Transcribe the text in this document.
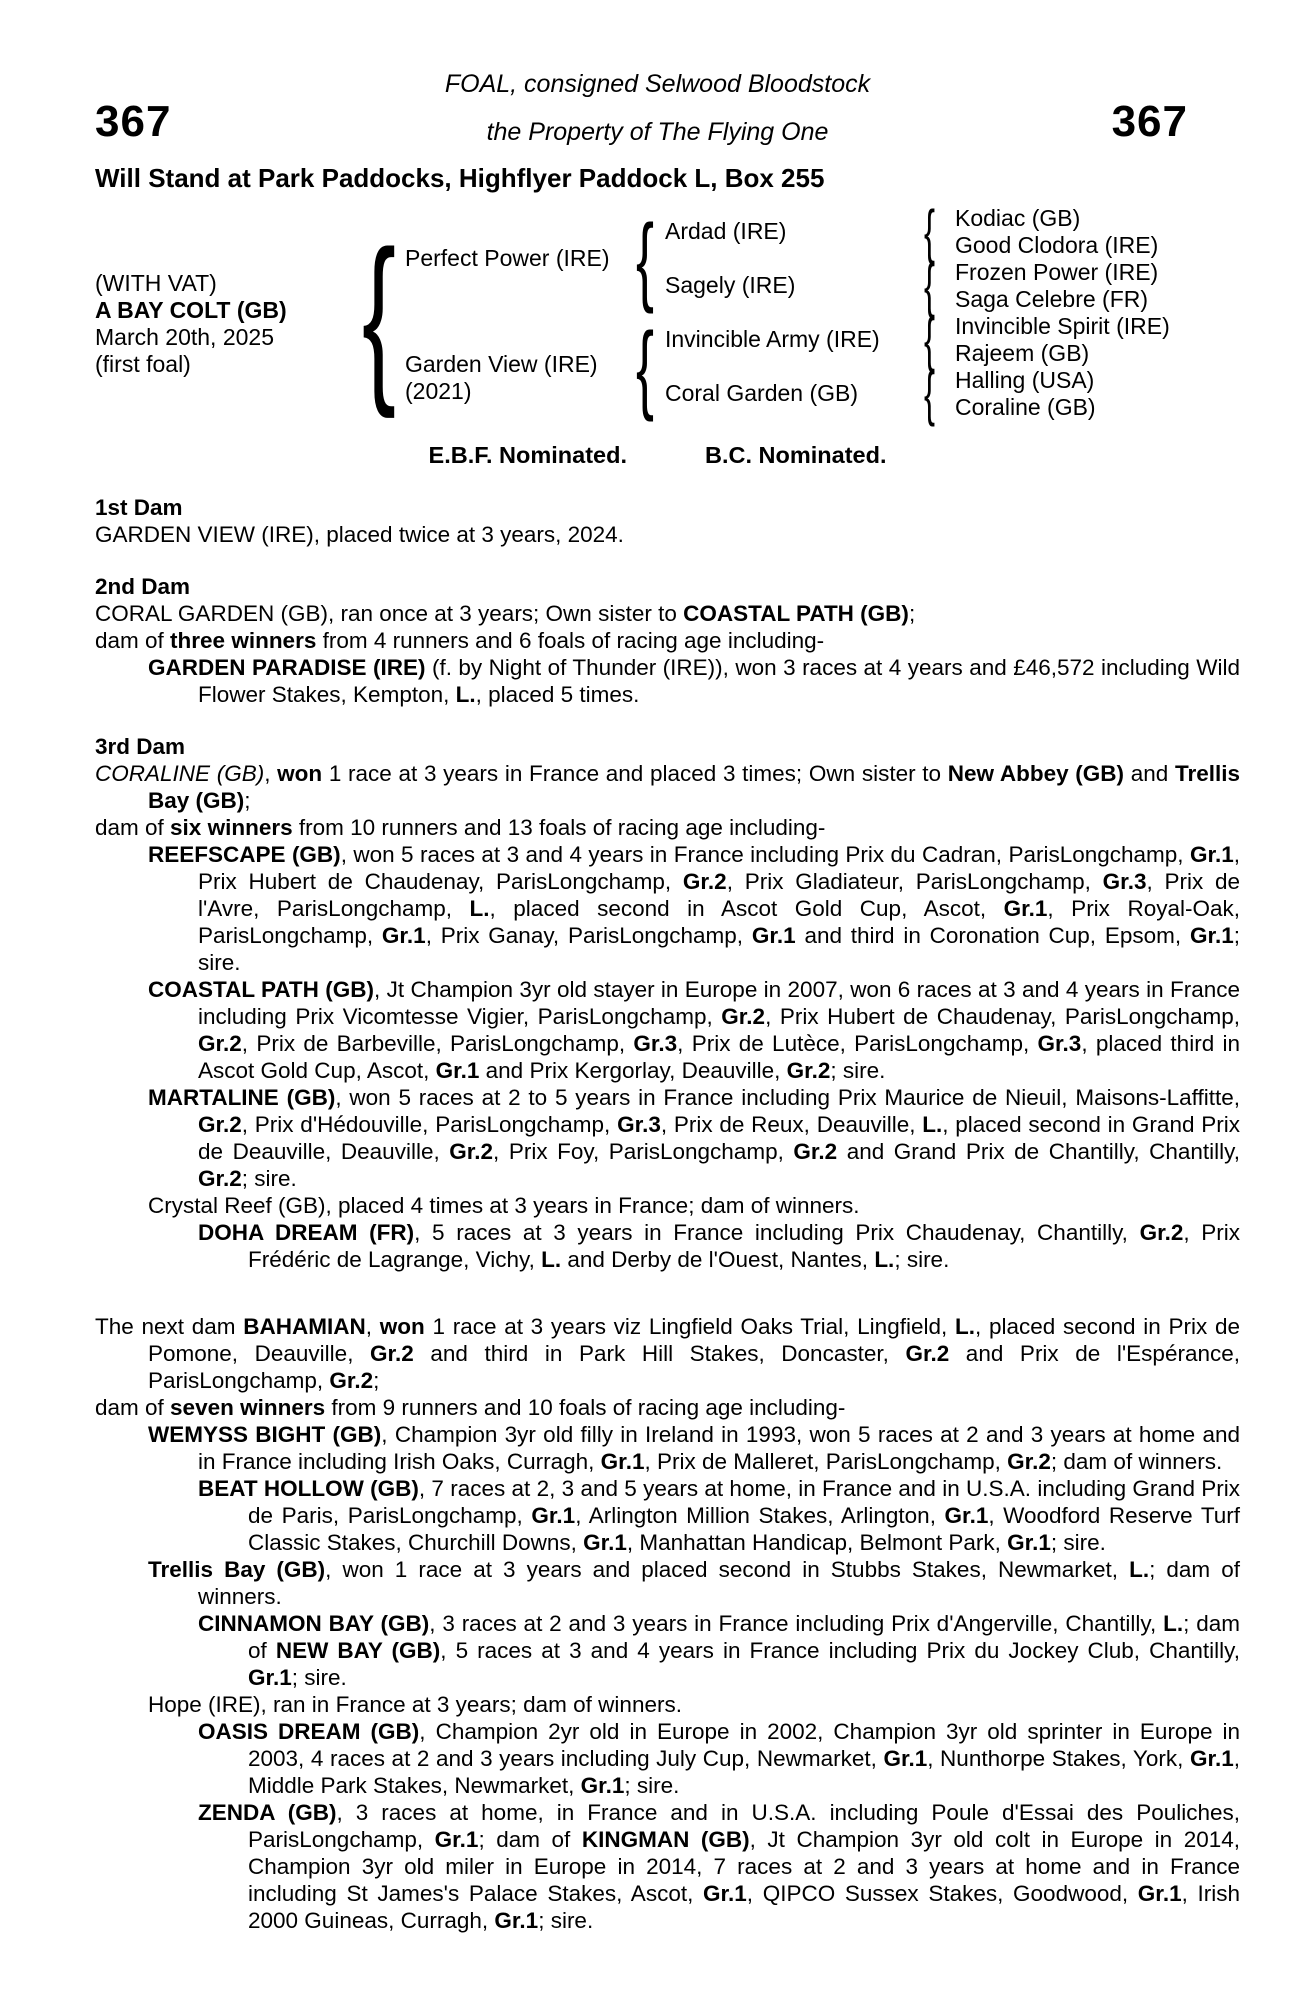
FOAL, consigned Selwood Bloodstock
367	the Property of The Flying One	367
Will Stand at Park Paddocks, Highflyer Paddock L, Box 255
(WITH VAT)
A BAY COLT (GB)
March 20th, 2025
(first foal) { {
{
{
{
{
{
Perfect Power (IRE)
Garden View (IRE)
(2021)
Ardad (IRE)
Sagely (IRE)
Invincible Army (IRE)
Coral Garden (GB)
Kodiac (GB)
Good Clodora (IRE)
Frozen Power (IRE)
Saga Celebre (FR)
Invincible Spirit (IRE)
Rajeem (GB)
Halling (USA)
Coraline (GB)
E.B.F. Nominated.	B.C. Nominated.
1st Dam

GARDEN VIEW (IRE), placed twice at 3 years, 2024.

2nd Dam

CORAL GARDEN (GB), ran once at 3 years; Own sister to COASTAL PATH (GB);

dam of three winners from 4 runners and 6 foals of racing age including-

GARDEN PARADISE (IRE) (f. by Night of Thunder (IRE)), won 3 races at 4 years and £46,572 including Wild Flower Stakes, Kempton, L., placed 5 times.

3rd Dam

CORALINE (GB), won 1 race at 3 years in France and placed 3 times; Own sister to New Abbey (GB) and Trellis Bay (GB);

dam of six winners from 10 runners and 13 foals of racing age including-

REEFSCAPE (GB), won 5 races at 3 and 4 years in France including Prix du Cadran, ParisLongchamp, Gr.1, Prix Hubert de Chaudenay, ParisLongchamp, Gr.2, Prix Gladiateur, ParisLongchamp, Gr.3, Prix de l'Avre, ParisLongchamp, L., placed second in Ascot Gold Cup, Ascot, Gr.1, Prix Royal-Oak, ParisLongchamp, Gr.1, Prix Ganay, ParisLongchamp, Gr.1 and third in Coronation Cup, Epsom, Gr.1; sire.

COASTAL PATH (GB), Jt Champion 3yr old stayer in Europe in 2007, won 6 races at 3 and 4 years in France including Prix Vicomtesse Vigier, ParisLongchamp, Gr.2, Prix Hubert de Chaudenay, ParisLongchamp, Gr.2, Prix de Barbeville, ParisLongchamp, Gr.3, Prix de Lutèce, ParisLongchamp, Gr.3, placed third in Ascot Gold Cup, Ascot, Gr.1 and Prix Kergorlay, Deauville, Gr.2; sire.

MARTALINE (GB), won 5 races at 2 to 5 years in France including Prix Maurice de Nieuil, Maisons-Laffitte, Gr.2, Prix d'Hédouville, ParisLongchamp, Gr.3, Prix de Reux, Deauville, L., placed second in Grand Prix de Deauville, Deauville, Gr.2, Prix Foy, ParisLongchamp, Gr.2 and Grand Prix de Chantilly, Chantilly, Gr.2; sire.

Crystal Reef (GB), placed 4 times at 3 years in France; dam of winners.

DOHA DREAM (FR), 5 races at 3 years in France including Prix Chaudenay, Chantilly, Gr.2, Prix Frédéric de Lagrange, Vichy, L. and Derby de l'Ouest, Nantes, L.; sire.

The next dam BAHAMIAN, won 1 race at 3 years viz Lingfield Oaks Trial, Lingfield, L., placed second in Prix de Pomone, Deauville, Gr.2 and third in Park Hill Stakes, Doncaster, Gr.2 and Prix de l'Espérance, ParisLongchamp, Gr.2;

dam of seven winners from 9 runners and 10 foals of racing age including-

WEMYSS BIGHT (GB), Champion 3yr old filly in Ireland in 1993, won 5 races at 2 and 3 years at home and in France including Irish Oaks, Curragh, Gr.1, Prix de Malleret, ParisLongchamp, Gr.2; dam of winners.

BEAT HOLLOW (GB), 7 races at 2, 3 and 5 years at home, in France and in U.S.A. including Grand Prix de Paris, ParisLongchamp, Gr.1, Arlington Million Stakes, Arlington, Gr.1, Woodford Reserve Turf Classic Stakes, Churchill Downs, Gr.1, Manhattan Handicap, Belmont Park, Gr.1; sire.

Trellis Bay (GB), won 1 race at 3 years and placed second in Stubbs Stakes, Newmarket, L.; dam of winners.

CINNAMON BAY (GB), 3 races at 2 and 3 years in France including Prix d'Angerville, Chantilly, L.; dam of NEW BAY (GB), 5 races at 3 and 4 years in France including Prix du Jockey Club, Chantilly, Gr.1; sire.

Hope (IRE), ran in France at 3 years; dam of winners.

OASIS DREAM (GB), Champion 2yr old in Europe in 2002, Champion 3yr old sprinter in Europe in 2003, 4 races at 2 and 3 years including July Cup, Newmarket, Gr.1, Nunthorpe Stakes, York, Gr.1, Middle Park Stakes, Newmarket, Gr.1; sire.

ZENDA (GB), 3 races at home, in France and in U.S.A. including Poule d'Essai des Pouliches, ParisLongchamp, Gr.1; dam of KINGMAN (GB), Jt Champion 3yr old colt in Europe in 2014, Champion 3yr old miler in Europe in 2014, 7 races at 2 and 3 years at home and in France including St James's Palace Stakes, Ascot, Gr.1, QIPCO Sussex Stakes, Goodwood, Gr.1, Irish 2000 Guineas, Curragh, Gr.1; sire.
